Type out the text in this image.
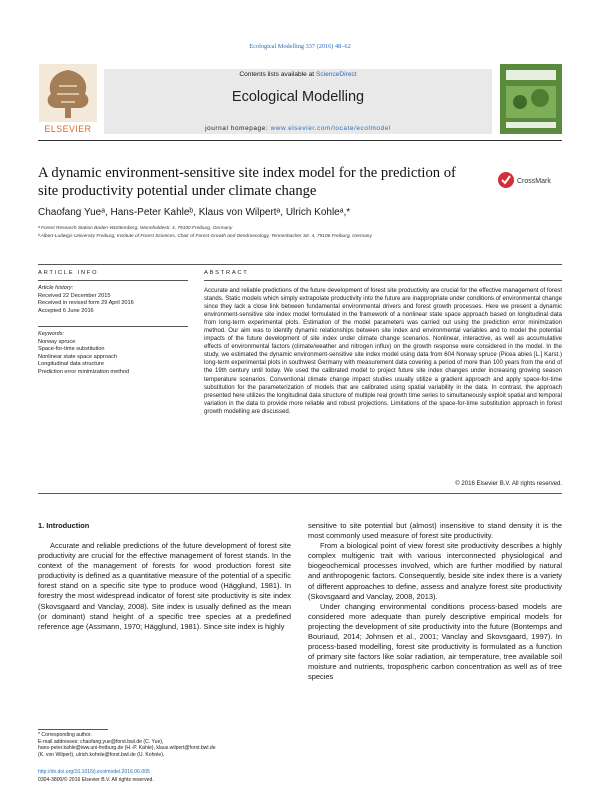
Ecological Modelling 337 (2016) 48–62
Contents lists available at ScienceDirect
Ecological Modelling
journal homepage: www.elsevier.com/locate/ecolmodel
ELSEVIER
A dynamic environment-sensitive site index model for the prediction of site productivity potential under climate change
CrossMark
Chaofang Yueᵃ, Hans-Peter Kahleᵇ, Klaus von Wilpertᵃ, Ulrich Kohleᵃ,*
ᵃ Forest Research Station Baden-Württemberg, Wonnhaldestr. 4, 79100 Freiburg, Germany
ᵇ Albert-Ludwigs-University Freiburg, Institute of Forest Sciences, Chair of Forest Growth and Dendroecology, Tennenbacher Str. 4, 79106 Freiburg, Germany
ARTICLE INFO	ABSTRACT
Article history:
Received 22 December 2015
Received in revised form 29 April 2016
Accepted 6 June 2016
Keywords:
Norway spruce
Space-for-time substitution
Nonlinear state space approach
Longitudinal data structure
Prediction error minimization method
Accurate and reliable predictions of the future development of forest site productivity are crucial for the effective management of forest stands. Static models which simply extrapolate productivity into the future are inappropriate under conditions of environmental change since they lack a close link between fundamental environmental drivers and forest growth processes. Here we present a dynamic environment-sensitive site index model formulated in the framework of a nonlinear state space approach based on longitudinal data from long-term experimental plots. Estimation of the model parameters was carried out using the prediction error minimization method. Our aim was to identify dynamic relationships between site index and environmental variables and to model the potential impacts of the future development of site index under climate change scenarios. Nonlinear, interactive, as well as accumulative effects of environmental factors (climate/weather and nitrogen influx) on the growth response were considered in the model. In the study, we estimated the dynamic environment-sensitive site index model using data from 604 Norway spruce (Picea abies [L.] Karst.) long-term experimental plots in southwest Germany with measurement data covering a period of more than 100 years from the end of the 19th century until today. We used the calibrated model to project future site index changes under increasing growing season temperature scenarios. Conventional climate change impact studies usually utilize a gradient approach and apply space-for-time substitution for the parameterization of models that are calibrated using spatial variability in the data. In contrast, the approach presented here utilizes the longitudinal data structure of multiple real growth time series to simultaneously exploit spatial and temporal variation in the data to provide more reliable and robust projections. Limitations of the space-for-time substitution approach in forest growth modelling are discussed.
© 2016 Elsevier B.V. All rights reserved.
1. Introduction

Accurate and reliable predictions of the future development of forest site productivity are crucial for the effective management of forest stands. In the context of the management of forests for wood production forest site productivity is defined as a quantitative measure of the potential of a specific forest stand on a specific site type to produce wood (Hägglund, 1981). In forestry the most widespread indicator of forest site productivity is site index (Skovsgaard and Vanclay, 2008). Site index is usually defined as the mean (or dominant) stand height of a specific tree species at a predefined reference age (Assmann, 1970; Hägglund, 1981). Since site index is highly

sensitive to site potential but (almost) insensitive to stand density it is the most commonly used measure of forest site productivity.

From a biological point of view forest site productivity describes a highly complex multigenic trait with various interconnected physiological and biogeochemical processes involved, which are further modified by natural and anthropogenic factors. Consequently, beside site index there is a variety of different approaches to define, assess and analyze forest site productivity (Skovsgaard and Vanclay, 2008, 2013).

Under changing environmental conditions process-based models are considered more adequate than purely descriptive empirical models for projecting the development of site productivity into the future (Bontemps and Bouriaud, 2014; Johnsen et al., 2001; Vanclay and Skovsgaard, 1997). In process-based modelling, forest site productivity is formulated as a function of primary site factors like solar radiation, air temperature, tree available soil moisture and nutrients, tropospheric carbon concentration as well as of tree species

* Corresponding author.
E-mail addresses: chaofang.yue@forst.bwl.de (C. Yue),
hans-peter.kahle@iww.uni-freiburg.de (H.-P. Kahle), klaus.wilpert@forst.bwl.de
(K. von Wilpert), ulrich.kohnle@forst.bwl.de (U. Kohnle).
http://dx.doi.org/10.1016/j.ecolmodel.2016.06.005
0304-3800/© 2016 Elsevier B.V. All rights reserved.
